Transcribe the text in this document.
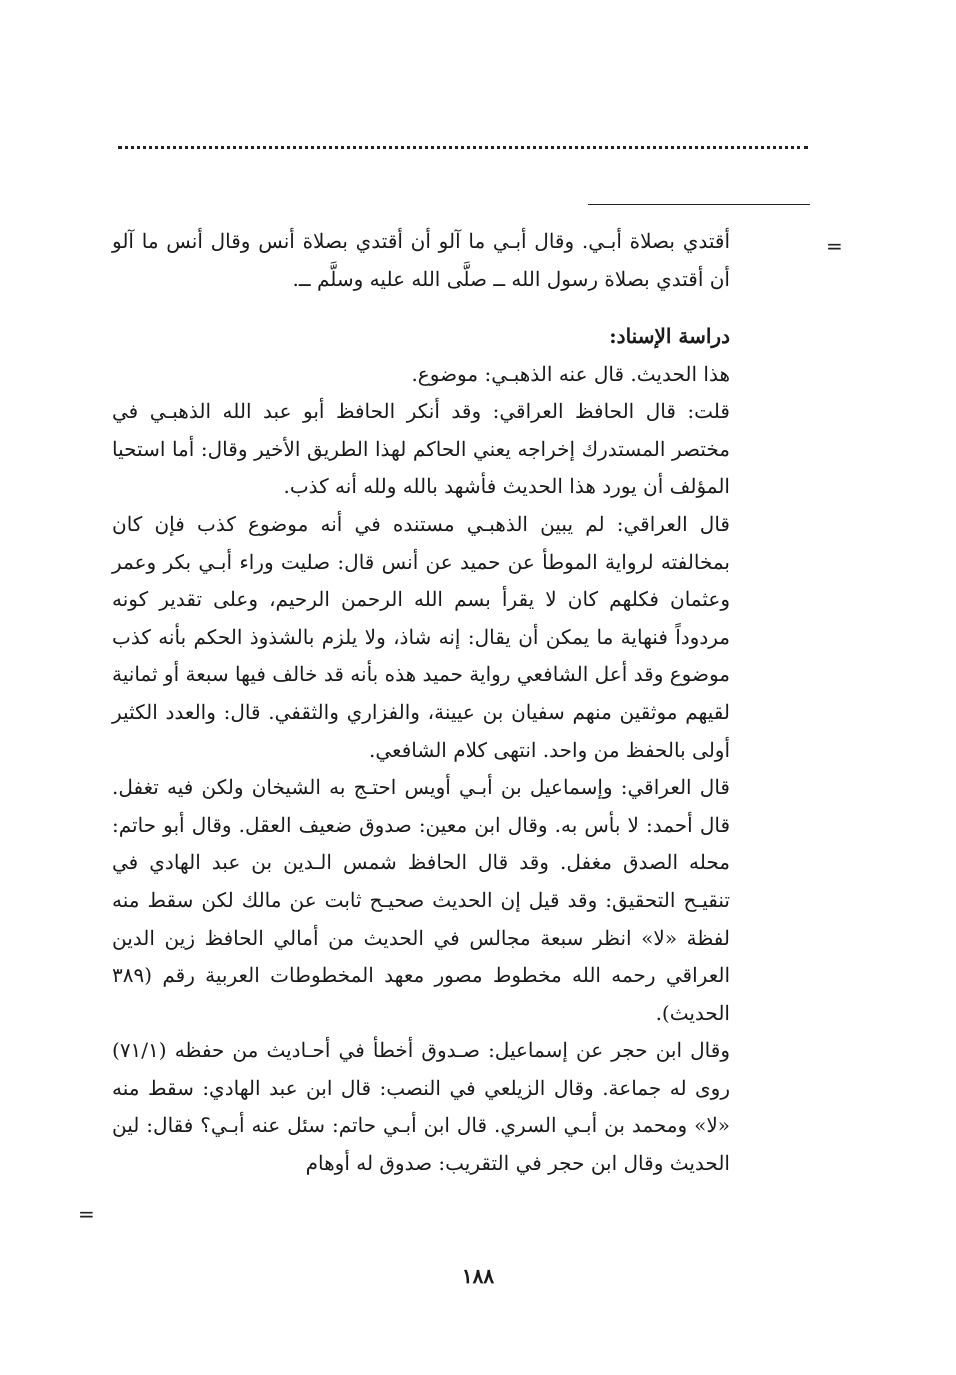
=

أقتدي بصلاة أبـي. وقال أبـي ما آلو أن أقتدي بصلاة أنس وقال أنس ما آلو أن أقتدي بصلاة رسول الله ــ صلَّى الله عليه وسلَّم ــ.

دراسة الإسناد:

هذا الحديث. قال عنه الذهبـي: موضوع.

قلت: قال الحافظ العراقي: وقد أنكر الحافظ أبو عبد الله الذهبـي في مختصر المستدرك إخراجه يعني الحاكم لهذا الطريق الأخير وقال: أما استحيا المؤلف أن يورد هذا الحديث فأشهد بالله ولله أنه كذب.

قال العراقي: لم يبين الذهبـي مستنده في أنه موضوع كذب فإن كان بمخالفته لرواية الموطأ عن حميد عن أنس قال: صليت وراء أبـي بكر وعمر وعثمان فكلهم كان لا يقرأ بسم الله الرحمن الرحيم، وعلى تقدير كونه مردوداً فنهاية ما يمكن أن يقال: إنه شاذ، ولا يلزم بالشذوذ الحكم بأنه كذب موضوع وقد أعل الشافعي رواية حميد هذه بأنه قد خالف فيها سبعة أو ثمانية لقيهم موثقين منهم سفيان بن عيينة، والفزاري والثقفي. قال: والعدد الكثير أولى بالحفظ من واحد. انتهى كلام الشافعي.

قال العراقي: وإسماعيل بن أبـي أويس احتـج به الشيخان ولكن فيه تغفل. قال أحمد: لا بأس به. وقال ابن معين: صدوق ضعيف العقل. وقال أبو حاتم: محله الصدق مغفل. وقد قال الحافظ شمس الـدين بن عبد الهادي في تنقيـح التحقيق: وقد قيل إن الحديث صحيـح ثابت عن مالك لكن سقط منه لفظة «لا» انظر سبعة مجالس في الحديث من أمالي الحافظ زين الدين العراقي رحمه الله مخطوط مصور معهد المخطوطات العربية رقم (٣٨٩ الحديث).

وقال ابن حجر عن إسماعيل: صـدوق أخطأ في أحـاديث من حفظه (٧١/١) روى له جماعة. وقال الزيلعي في النصب: قال ابن عبد الهادي: سقط منه «لا» ومحمد بن أبـي السري. قال ابن أبـي حاتم: سئل عنه أبـي؟ فقال: لين الحديث وقال ابن حجر في التقريب: صدوق له أوهام

=
١٨٨
